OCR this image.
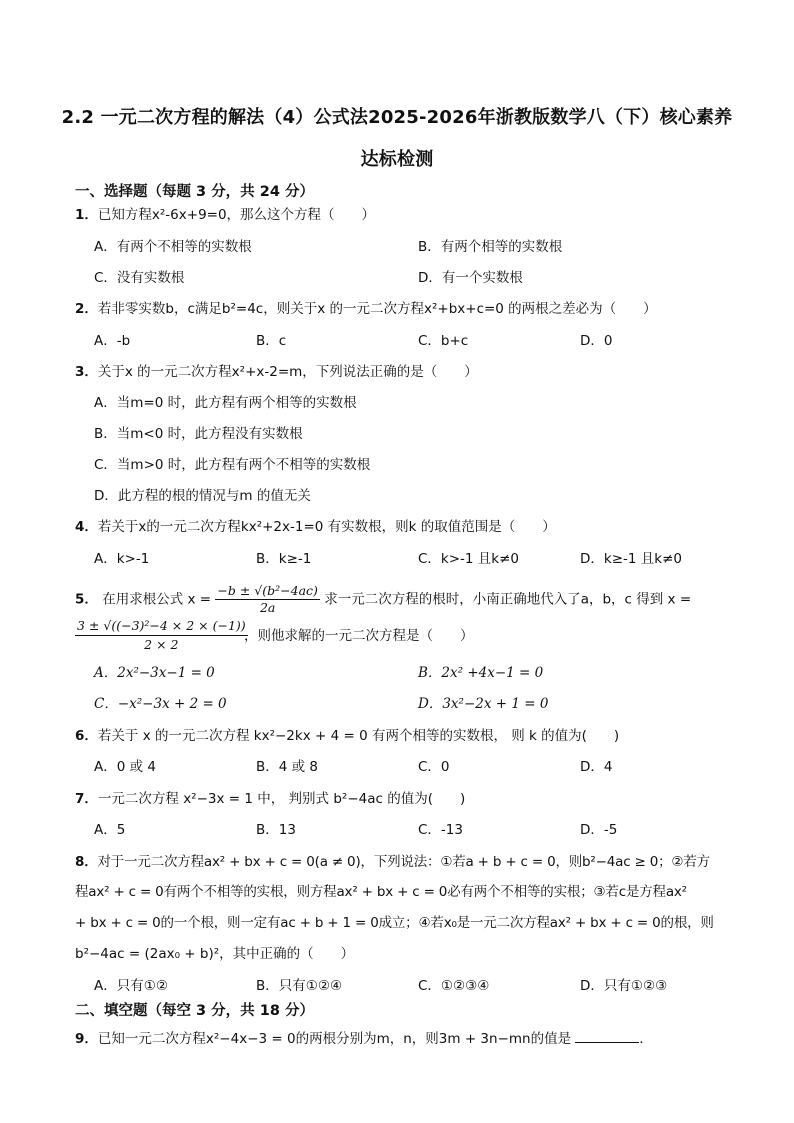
2.2 一元二次方程的解法（4）公式法2025-2026年浙教版数学八（下）核心素养
达标检测
一、选择题（每题 3 分，共 24 分）
1．已知方程x²-6x+9=0，那么这个方程（　　）
A．有两个不相等的实数根	B．有两个相等的实数根
C．没有实数根	D．有一个实数根
2．若非零实数b，c满足b²=4c，则关于x 的一元二次方程x²+bx+c=0 的两根之差必为（　　）
A．-b	B．c	C．b+c	D．0
3．关于x 的一元二次方程x²+x-2=m，下列说法正确的是（　　）
A．当m=0 时，此方程有两个相等的实数根
B．当m<0 时，此方程没有实数根
C．当m>0 时，此方程有两个不相等的实数根
D．此方程的根的情况与m 的值无关
4．若关于x的一元二次方程kx²+2x-1=0 有实数根，则k 的取值范围是（　　）
A．k>-1	B．k≥-1	C．k>-1 且k≠0	D．k≥-1 且k≠0
5． 在用求根公式 $x = \frac{\text{−b ± √(b²−4ac)}}{2a}$ 求一元二次方程的根时，小南正确地代入了a，b，c 得到 x =
$\frac{\text{3 ± √((−3)²−4 × 2 × (−1))}}{2 \times 2}$
，则他求解的一元二次方程是（　　）
A．2x²−3x−1 = 0	B．2x² +4x−1 = 0
C．−x²−3x + 2 = 0	D．3x²−2x + 1 = 0
6．若关于 x 的一元二次方程 kx²−2kx + 4 = 0 有两个相等的实数根， 则 k 的值为(　　)
A．0 或 4	B．4 或 8	C．0	D．4
7．一元二次方程 x²−3x = 1 中， 判别式 b²−4ac 的值为(　　)
A．5	B．13	C．-13	D．-5
8．对于一元二次方程ax² + bx + c = 0(a ≠ 0)，下列说法：①若a + b + c = 0，则b²−4ac ≥ 0；②若方
程ax² + c = 0有两个不相等的实根，则方程ax² + bx + c = 0必有两个不相等的实根；③若c是方程ax²
+ bx + c = 0的一个根，则一定有ac + b + 1 = 0成立；④若x₀是一元二次方程ax² + bx + c = 0的根，则
b²−4ac = (2ax₀ + b)²，其中正确的（　　）
A．只有①②	B．只有①②④	C．①②③④	D．只有①②③
二、填空题（每空 3 分，共 18 分）
9．已知一元二次方程x²−4x−3 = 0的两根分别为m，n，则3m + 3n−mn的值是	．
